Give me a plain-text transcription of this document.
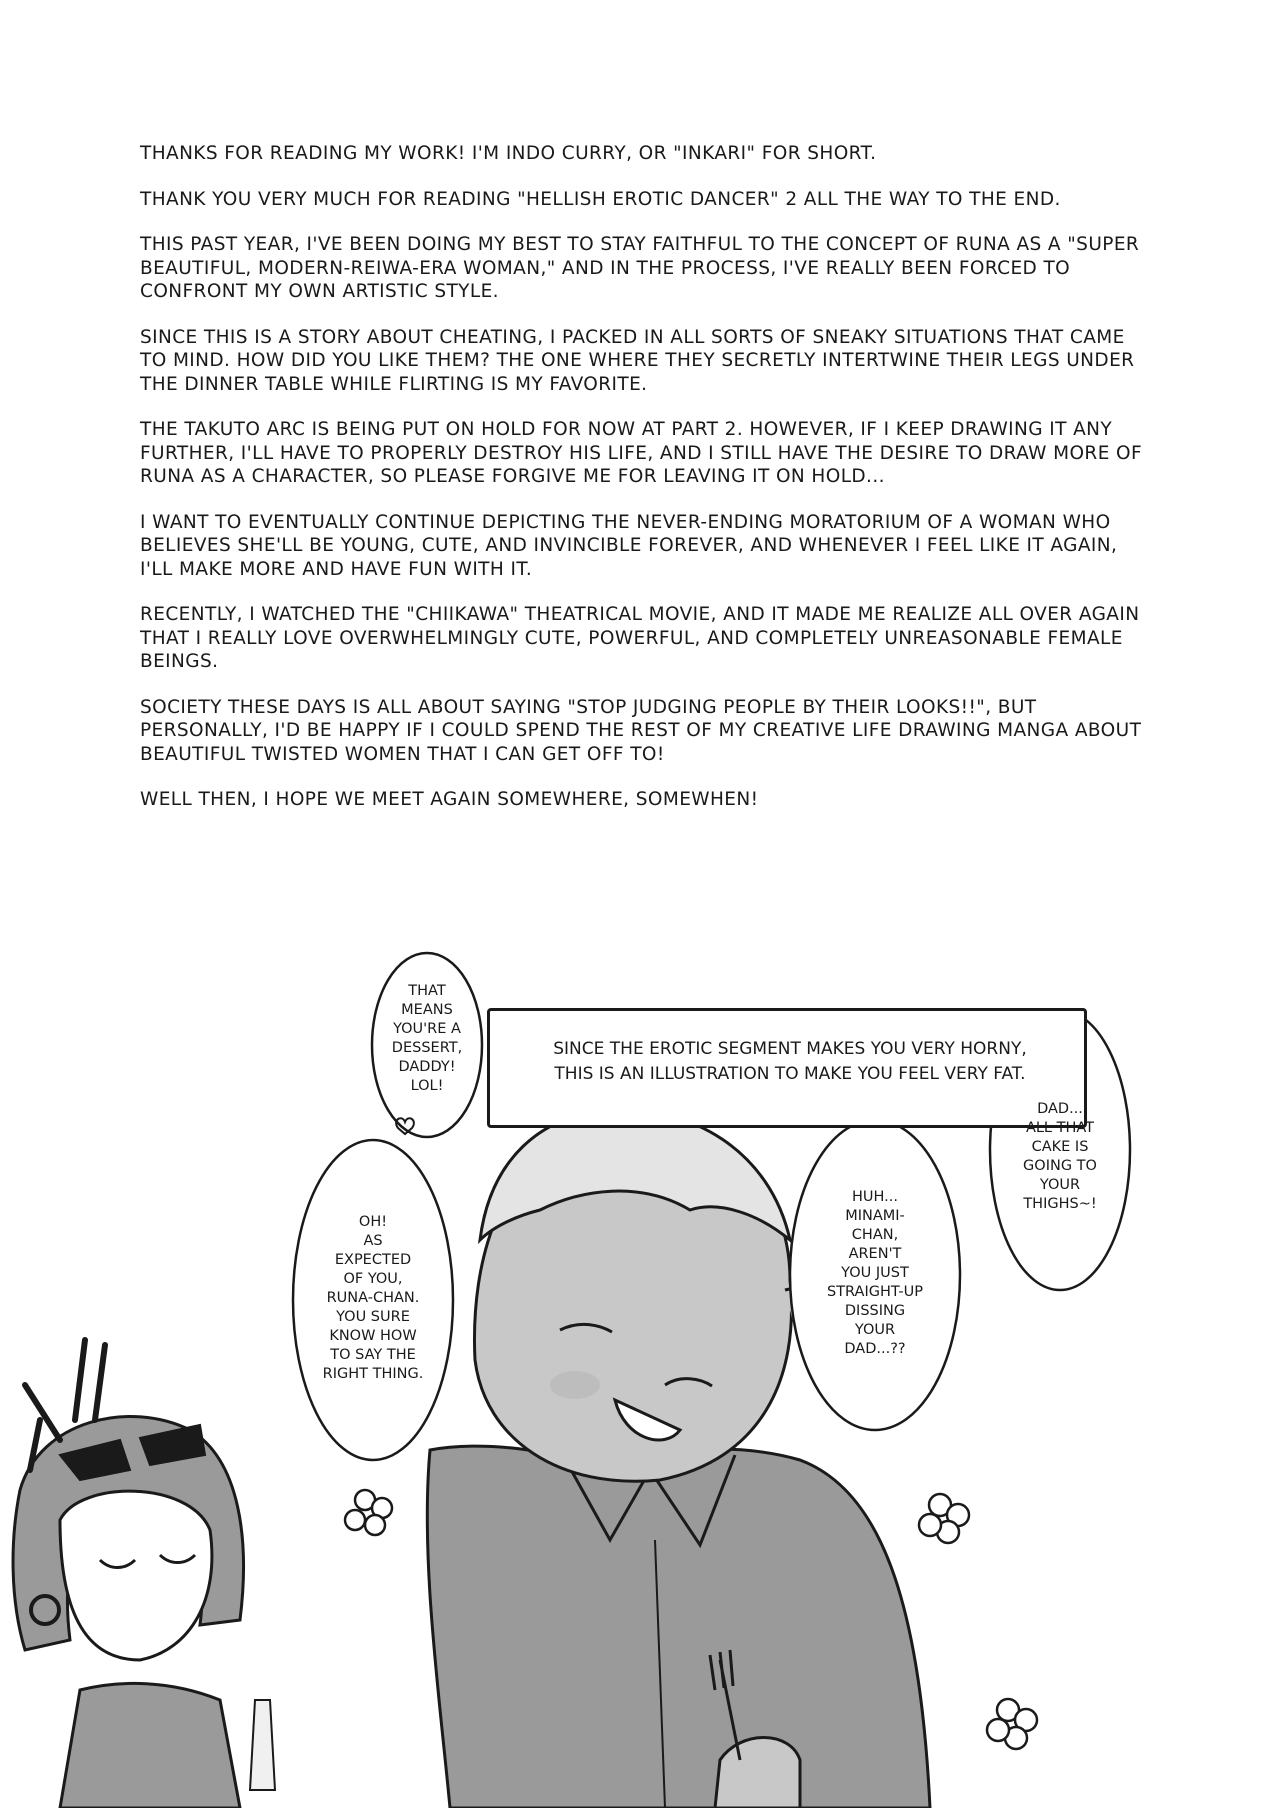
THANKS FOR READING MY WORK! I'M INDO CURRY, OR "INKARI" FOR SHORT.

THANK YOU VERY MUCH FOR READING "HELLISH EROTIC DANCER" 2 ALL THE WAY TO THE END.

THIS PAST YEAR, I'VE BEEN DOING MY BEST TO STAY FAITHFUL TO THE CONCEPT OF RUNA AS A "SUPER BEAUTIFUL, MODERN-REIWA-ERA WOMAN," AND IN THE PROCESS, I'VE REALLY BEEN FORCED TO CONFRONT MY OWN ARTISTIC STYLE.

SINCE THIS IS A STORY ABOUT CHEATING, I PACKED IN ALL SORTS OF SNEAKY SITUATIONS THAT CAME TO MIND. HOW DID YOU LIKE THEM? THE ONE WHERE THEY SECRETLY INTERTWINE THEIR LEGS UNDER THE DINNER TABLE WHILE FLIRTING IS MY FAVORITE.

THE TAKUTO ARC IS BEING PUT ON HOLD FOR NOW AT PART 2. HOWEVER, IF I KEEP DRAWING IT ANY FURTHER, I'LL HAVE TO PROPERLY DESTROY HIS LIFE, AND I STILL HAVE THE DESIRE TO DRAW MORE OF RUNA AS A CHARACTER, SO PLEASE FORGIVE ME FOR LEAVING IT ON HOLD...

I WANT TO EVENTUALLY CONTINUE DEPICTING THE NEVER-ENDING MORATORIUM OF A WOMAN WHO BELIEVES SHE'LL BE YOUNG, CUTE, AND INVINCIBLE FOREVER, AND WHENEVER I FEEL LIKE IT AGAIN, I'LL MAKE MORE AND HAVE FUN WITH IT.

RECENTLY, I WATCHED THE "CHIIKAWA" THEATRICAL MOVIE, AND IT MADE ME REALIZE ALL OVER AGAIN THAT I REALLY LOVE OVERWHELMINGLY CUTE, POWERFUL, AND COMPLETELY UNREASONABLE FEMALE BEINGS.

SOCIETY THESE DAYS IS ALL ABOUT SAYING "STOP JUDGING PEOPLE BY THEIR LOOKS!!", BUT PERSONALLY, I'D BE HAPPY IF I COULD SPEND THE REST OF MY CREATIVE LIFE DRAWING MANGA ABOUT BEAUTIFUL TWISTED WOMEN THAT I CAN GET OFF TO!

WELL THEN, I HOPE WE MEET AGAIN SOMEWHERE, SOMEWHEN!

SINCE THE EROTIC SEGMENT MAKES YOU VERY HORNY,
THIS IS AN ILLUSTRATION TO MAKE YOU FEEL VERY FAT.
THAT
MEANS
YOU'RE A
DESSERT,
DADDY!
LOL!
OH!
AS
EXPECTED
OF YOU,
RUNA-CHAN.
YOU SURE
KNOW HOW
TO SAY THE
RIGHT THING.
HUH...
MINAMI-
CHAN,
AREN'T
YOU JUST
STRAIGHT-UP
DISSING
YOUR
DAD...??
DAD...
ALL THAT
CAKE IS
GOING TO
YOUR
THIGHS~!
